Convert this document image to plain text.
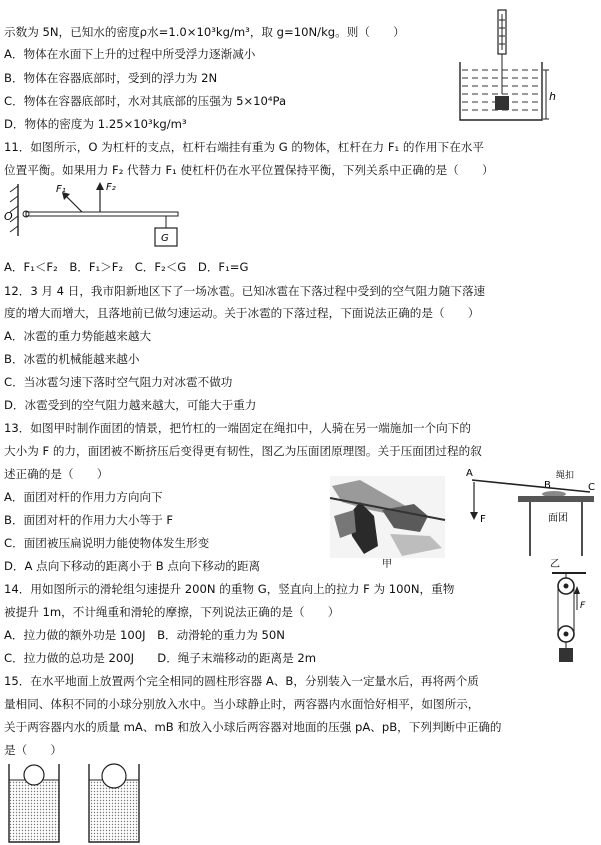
示数为 5N，已知水的密度ρ水=1.0×10³kg/m³，取 g=10N/kg。则（　　）
A．物体在水面下上升的过程中所受浮力逐渐减小
B．物体在容器底部时，受到的浮力为 2N
C．物体在容器底部时，水对其底部的压强为 5×10⁴Pa
D．物体的密度为 1.25×10³kg/m³
h
11．如图所示，O 为杠杆的支点，杠杆右端挂有重为 G 的物体，杠杆在力 F₁ 的作用下在水平
位置平衡。如果用力 F₂ 代替力 F₁ 使杠杆仍在水平位置保持平衡，下列关系中正确的是（　　）
O
F₁	F₂
G
A．F₁＜F₂　B．F₁＞F₂　C．F₂＜G　D．F₁=G
12．3 月 4 日，我市阳新地区下了一场冰雹。已知冰雹在下落过程中受到的空气阻力随下落速
度的增大而增大，且落地前已做匀速运动。关于冰雹的下落过程，下面说法正确的是（　　）
A．冰雹的重力势能越来越大
B．冰雹的机械能越来越小
C．当冰雹匀速下落时空气阻力对冰雹不做功
D．冰雹受到的空气阻力越来越大，可能大于重力
13．如图甲时制作面团的情景，把竹杠的一端固定在绳扣中，人骑在另一端施加一个向下的
大小为 F 的力，面团被不断挤压后变得更有韧性，图乙为压面团原理图。关于压面团过程的叙
述正确的是（　　）
A．面团对杆的作用力方向向下
B．面团对杆的作用力大小等于 F
C．面团被压扁说明力能使物体发生形变
D．A 点向下移动的距离小于 B 点向下移动的距离	甲
A	绳扣
B	C
F	面团
乙
14．用如图所示的滑轮组匀速提升 200N 的重物 G，竖直向上的拉力 F 为 100N，重物
被提升 1m，不计绳重和滑轮的摩擦，下列说法正确的是（　　）
A．拉力做的额外功是 100J　B．动滑轮的重力为 50N
C．拉力做的总功是 200J　　D．绳子末端移动的距离是 2m
F
15．在水平地面上放置两个完全相同的圆柱形容器 A、B，分别装入一定量水后，再将两个质
量相同、体积不同的小球分别放入水中。当小球静止时，两容器内水面恰好相平，如图所示，
关于两容器内水的质量 mA、mB 和放入小球后两容器对地面的压强 pA、pB，下列判断中正确的
是（　　）
